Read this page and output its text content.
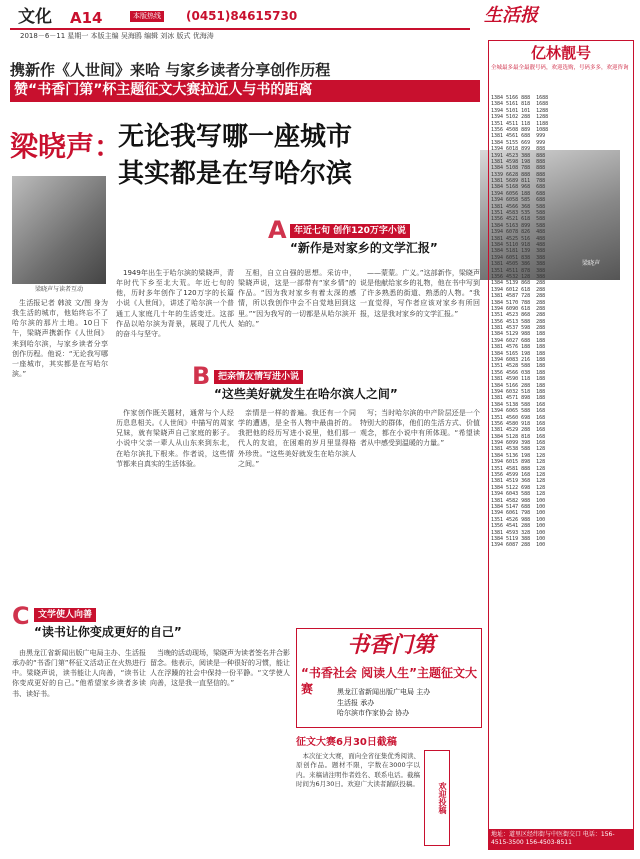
文化 A14	本版热线 (0451)84615730
2018－6－11 星期一 本版主编 吴海鸥 编辑 刘冰 版式 优海涛
生活报
携新作《人世间》来哈 与家乡读者分享创作历程
赞“书香门第”杯主题征文大赛拉近人与书的距离
梁晓声：
无论我写哪一座城市
其实都是在写哈尔滨
梁晓声与读者互动
生活报记者 韩波 文/图 身为我生活的城市，他始终忘不了哈尔滨的那片土地。10日下午，梁晓声携新作《人世间》来到哈尔滨，与家乡读者分享创作历程。他说：“无论我写哪一座城市，其实都是在写哈尔滨。”
梁晓声
A 年近七旬 创作120万字小说
“新作是对家乡的文学汇报”
1949年出生于哈尔滨的梁晓声，青年时代下乡至北大荒。年近七旬的他，历时多年创作了120万字的长篇小说《人世间》，讲述了哈尔滨一个普通工人家庭几十年的生活变迁。这部作品以哈尔滨为背景，展现了几代人的奋斗与坚守。
互相，自立自强的思想。采访中，梁晓声说，这是一部带有“家乡情”的作品。“因为我对家乡有着太深的感情，所以我创作中会不自觉地回到这里。”“因为我写的一切都是从哈尔滨开始的。”
——蒙蒙。广义。”这部新作，梁晓声说是他献给家乡的礼物，他在书中写到了许多熟悉的街道、熟悉的人物。“我一直觉得，写作者应该对家乡有所回报，这是我对家乡的文学汇报。”
B 把亲情友情写进小说
“这些美好就发生在哈尔滨人之间”
作家创作既关题材，通常与个人经历息息相关。《人世间》中描写的周家兄妹，就有梁晓声自己家庭的影子。小说中父亲一辈人从山东来到东北，在哈尔滨扎下根来。作者说，这些情节都来自真实的生活体验。
亲情是一样的普遍。我还有一个同学的遭遇，是全书人物中最曲折的。我把他的经历写进小说里，他们那一代人的友谊，在困难的岁月里显得格外珍贵。“这些美好就发生在哈尔滨人之间。”
写；当时哈尔滨的中产阶层还是一个特别大的群体，他们的生活方式、价值观念，都在小说中有所体现。“希望读者从中感受到温暖的力量。”
C 文学使人向善
“读书让你变成更好的自己”
由黑龙江省新闻出版广电局主办、生活报承办的“书香门第”杯征文活动正在火热进行中。梁晓声说，读书能让人向善，“读书让你变成更好的自己。”他希望家乡读者多读书、读好书。
当晚的活动现场，梁晓声为读者签名并合影留念。他表示，阅读是一种很好的习惯，能让人在浮躁的社会中保持一份平静。“文学使人向善，这是我一直坚信的。”
书香门第
“书香社会 阅读人生”主题征文大赛	黑龙江省新闻出版广电局 主办
生活报 承办
哈尔滨市作家协会 协办
征文大赛6月30日截稿
本次征文大赛，面向全省征集优秀阅读、原创作品。题材不限，字数在3000字以内。来稿请注明作者姓名、联系电话。截稿时间为6月30日。欢迎广大读者踊跃投稿。	欢迎投稿
亿林靓号
全城最多最全最靓号码，欢迎选购，号码多多，欢迎咨询
1384 5166 888  1688
1384 5161 818  1688
1394 5101 101  1288
1394 5102 288  1288
1351 4511 118  1188
1356 4508 889  1088
1381 4561 688  999
1384 5155 669  999
1394 6018 899  888
1391 4523 388  888
1381 4598 198  888
1384 5108 788  888
1339 6628 888  888
1381 5689 811  788
1384 5168 968  688
1394 6056 188  688
1394 6058 585  688
1381 4566 368  588
1351 4583 535  588
1356 4521 618  588
1384 5163 899  588
1394 6078 826  488
1381 4525 516  488
1384 5110 918  488
1384 5181 139  388
1394 6051 838  388
1381 4505 386  388
1351 4511 878  388
1356 4532 128  388
1384 5139 868  288
1394 6012 618  288
1381 4587 728  288
1384 5170 788  288
1394 6090 618  288
1351 4523 868  288
1356 4513 588  288
1381 4537 598  288
1384 5129 988  188
1394 6027 688  188
1381 4576 188  188
1384 5165 198  188
1394 6083 216  188
1351 4528 588  188
1356 4566 038  188
1381 4590 118  188
1384 5166 288  188
1394 6032 518  188
1381 4571 898  188
1384 5138 588  168
1394 6065 588  168
1351 4560 698  168
1356 4580 918  168
1381 4529 288  168
1384 5128 818  168
1394 6099 398  168
1381 4538 588  128
1384 5136 198  128
1394 6015 898  128
1351 4581 888  128
1356 4599 168  128
1381 4519 368  128
1384 5122 698  128
1394 6043 588  128
1381 4582 988  100
1384 5147 688  100
1394 6061 798  100
1351 4526 988  100
1356 4541 288  100
1381 4593 328  100
1384 5119 388  100
1394 6087 288  100
地址：道里区经纬街与中医街交口 电话：156-4515-3500 156-4503-8511
